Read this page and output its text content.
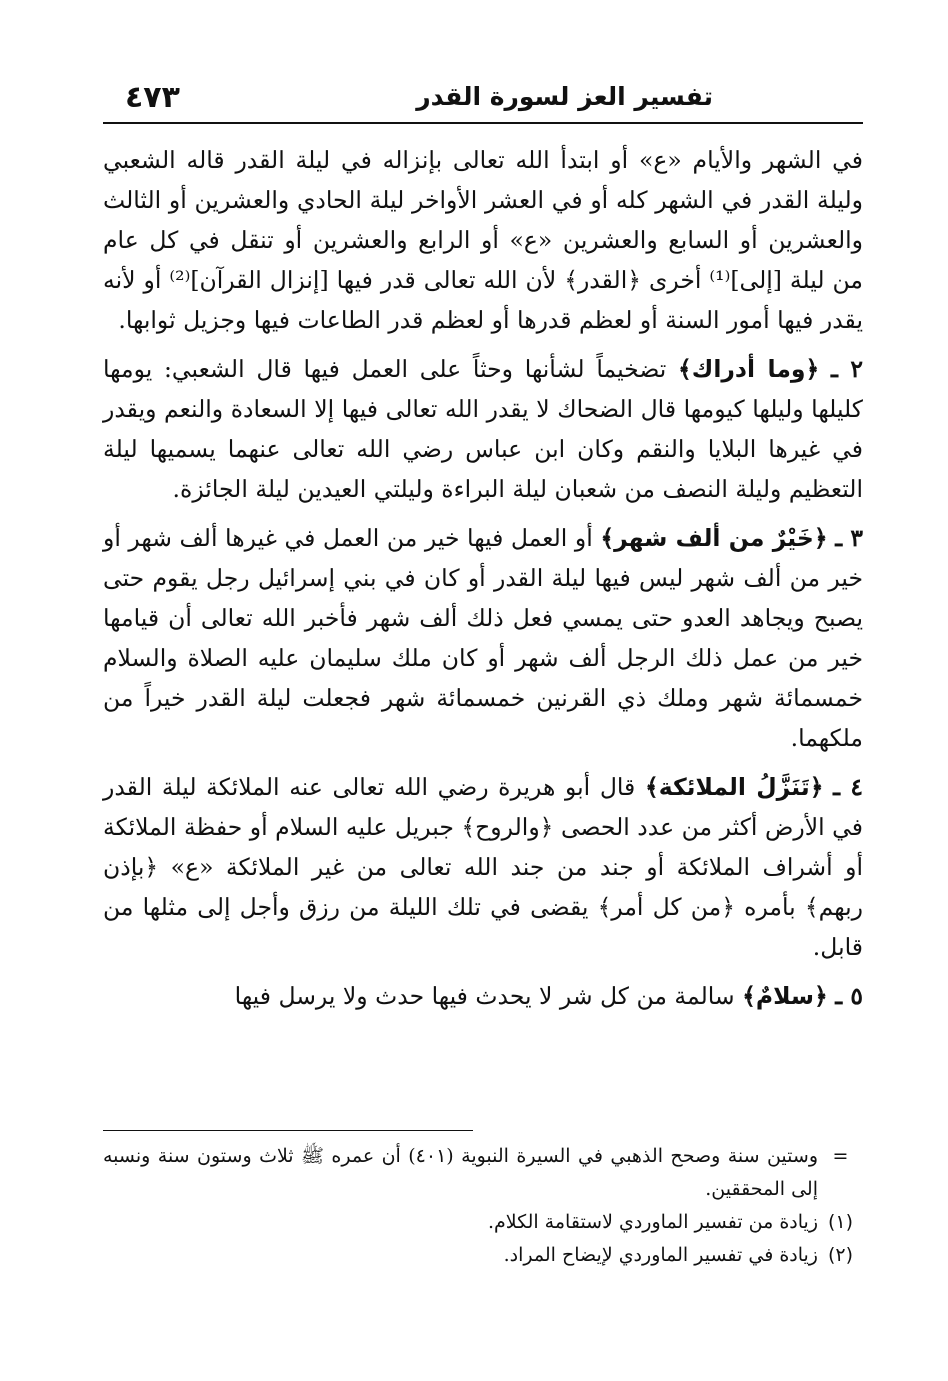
تفسير العز لسورة القدر
٤٧٣

في الشهر والأيام «ع» أو ابتدأ الله تعالى بإنزاله في ليلة القدر قاله الشعبي وليلة القدر في الشهر كله أو في العشر الأواخر ليلة الحادي والعشرين أو الثالث والعشرين أو السابع والعشرين «ع» أو الرابع والعشرين أو تنقل في كل عام من ليلة [إلى]⁽¹⁾ أخرى ﴿القدر﴾ لأن الله تعالى قدر فيها [إنزال القرآن]⁽²⁾ أو لأنه يقدر فيها أمور السنة أو لعظم قدرها أو لعظم قدر الطاعات فيها وجزيل ثوابها.

٢ ـ ﴿وما أدراك﴾ تضخيماً لشأنها وحثاً على العمل فيها قال الشعبي: يومها كليلها وليلها كيومها قال الضحاك لا يقدر الله تعالى فيها إلا السعادة والنعم ويقدر في غيرها البلايا والنقم وكان ابن عباس رضي الله تعالى عنهما يسميها ليلة التعظيم وليلة النصف من شعبان ليلة البراءة وليلتي العيدين ليلة الجائزة.

٣ ـ ﴿خَيْرٌ من ألف شهر﴾ أو العمل فيها خير من العمل في غيرها ألف شهر أو خير من ألف شهر ليس فيها ليلة القدر أو كان في بني إسرائيل رجل يقوم حتى يصبح ويجاهد العدو حتى يمسي فعل ذلك ألف شهر فأخبر الله تعالى أن قيامها خير من عمل ذلك الرجل ألف شهر أو كان ملك سليمان عليه الصلاة والسلام خمسمائة شهر وملك ذي القرنين خمسمائة شهر فجعلت ليلة القدر خيراً من ملكهما.

٤ ـ ﴿تَنَزَّلُ الملائكة﴾ قال أبو هريرة رضي الله تعالى عنه الملائكة ليلة القدر في الأرض أكثر من عدد الحصى ﴿والروح﴾ جبريل عليه السلام أو حفظة الملائكة أو أشراف الملائكة أو جند من جند الله تعالى من غير الملائكة «ع» ﴿بإذن ربهم﴾ بأمره ﴿من كل أمر﴾ يقضى في تلك الليلة من رزق وأجل إلى مثلها من قابل.

٥ ـ ﴿سلامٌ﴾ سالمة من كل شر لا يحدث فيها حدث ولا يرسل فيها

=
وستين سنة وصحح الذهبي في السيرة النبوية (٤٠١) أن عمره ﷺ ثلاث وستون سنة ونسبه إلى المحققين.
(١)
زيادة من تفسير الماوردي لاستقامة الكلام.
(٢)
زيادة في تفسير الماوردي لإيضاح المراد.
